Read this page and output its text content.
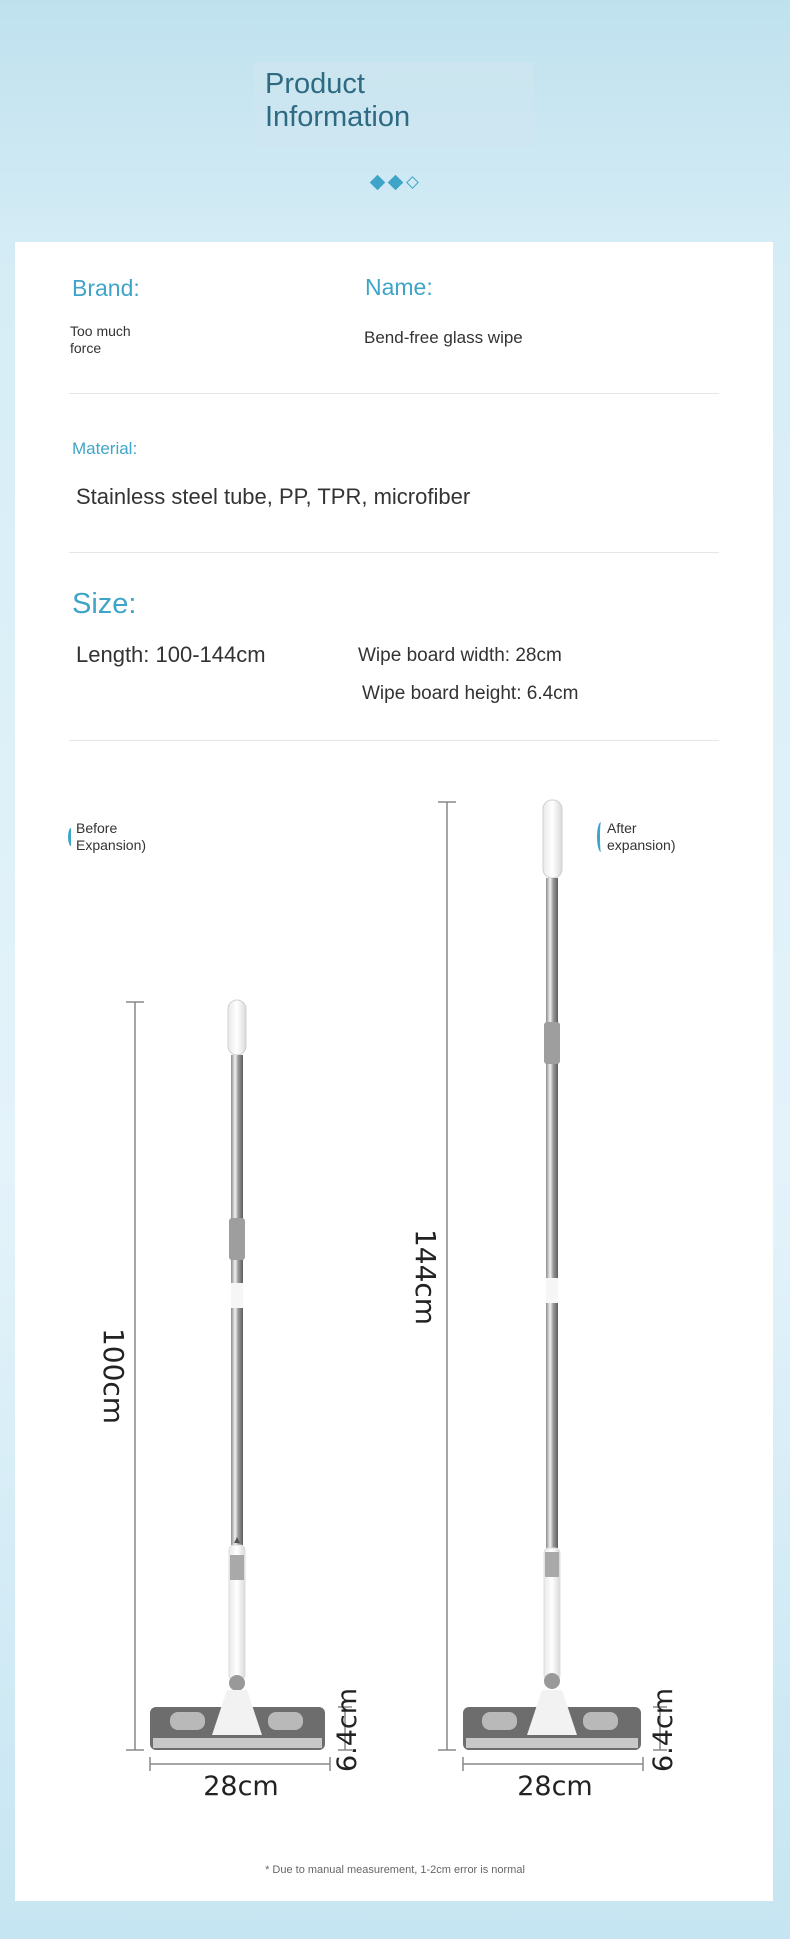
Product
Information
Brand:
Too much
force
Name:
Bend-free glass wipe
Material:
Stainless steel tube, PP, TPR, microfiber
Size:
Length: 100-144cm	Wipe board width: 28cm
Wipe board height: 6.4cm
Before
Expansion)
After
expansion)
100cm
28cm
6.4cm
144cm
28cm
6.4cm
* Due to manual measurement, 1-2cm error is normal
